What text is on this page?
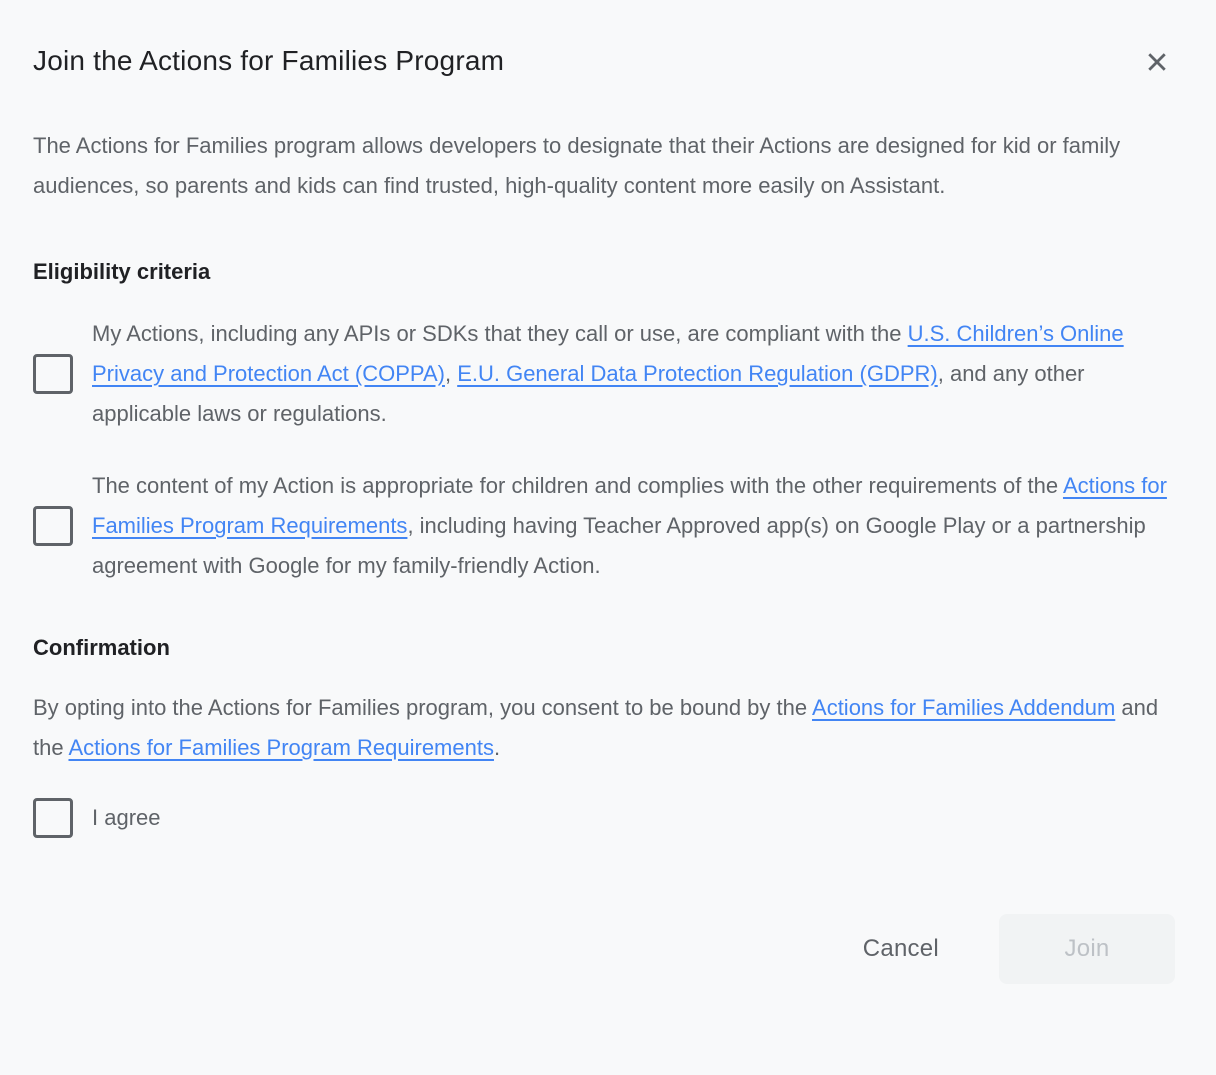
Join the Actions for Families Program
The Actions for Families program allows developers to designate that their Actions are designed for kid or family audiences, so parents and kids can find trusted, high-quality content more easily on Assistant.
Eligibility criteria
My Actions, including any APIs or SDKs that they call or use, are compliant with the U.S. Children’s Online Privacy and Protection Act (COPPA), E.U. General Data Protection Regulation (GDPR), and any other applicable laws or regulations.
The content of my Action is appropriate for children and complies with the other requirements of the Actions for Families Program Requirements, including having Teacher Approved app(s) on Google Play or a partnership agreement with Google for my family-friendly Action.
Confirmation
By opting into the Actions for Families program, you consent to be bound by the Actions for Families Addendum and the Actions for Families Program Requirements.
I agree
Cancel	Join
